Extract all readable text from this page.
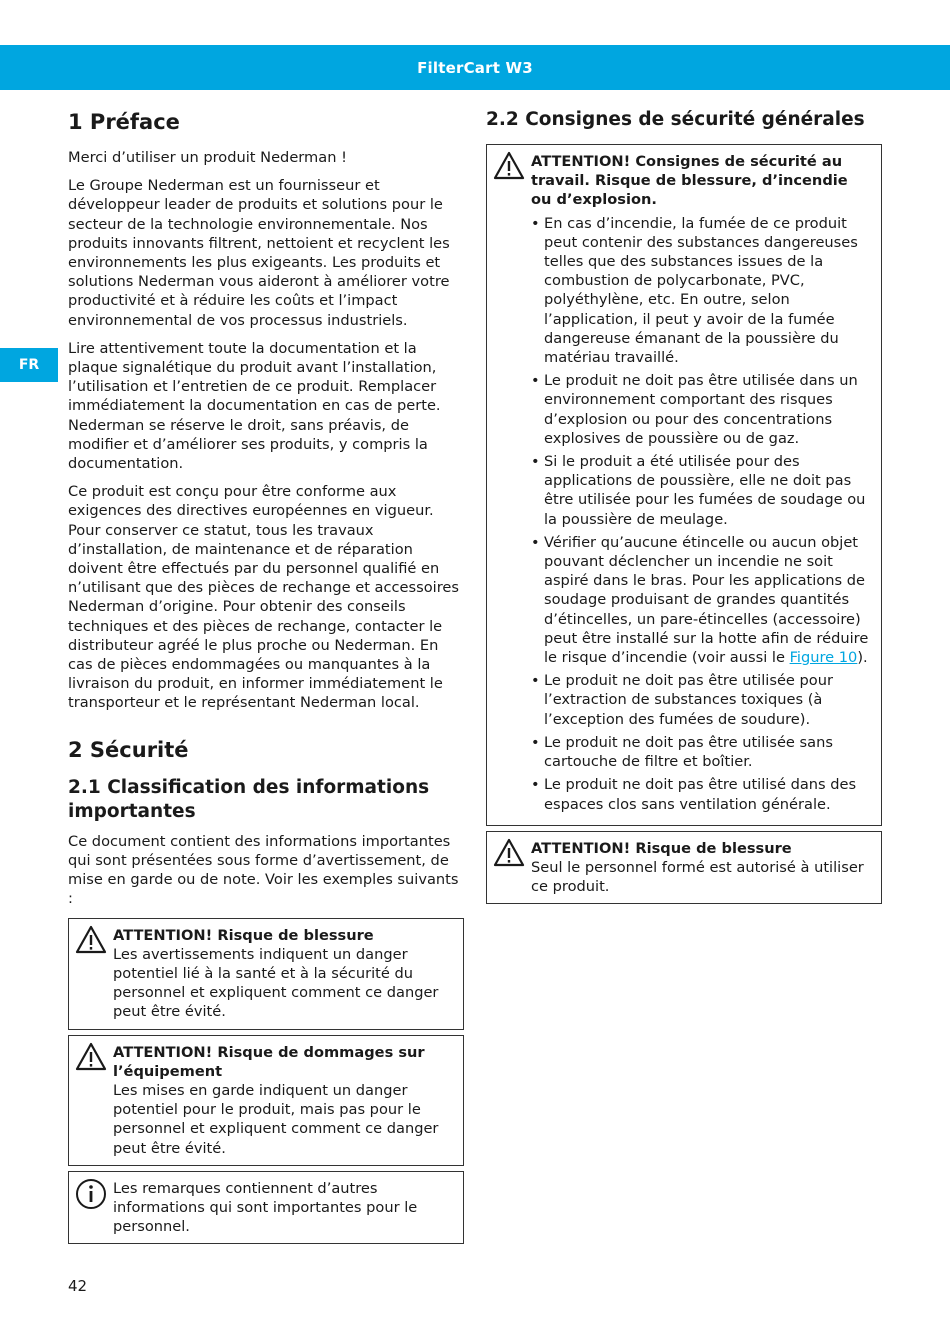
FilterCart W3
FR
1 Préface

Merci d’utiliser un produit Nederman !

Le Groupe Nederman est un fournisseur et développeur leader de produits et solutions pour le secteur de la technologie environnementale. Nos produits innovants filtrent, nettoient et recyclent les environnements les plus exigeants. Les produits et solutions Nederman vous aideront à améliorer votre productivité et à réduire les coûts et l’impact environnemental de vos processus industriels.

Lire attentivement toute la documentation et la plaque signalétique du produit avant l’installation, l’utilisation et l’entretien de ce produit. Remplacer immédiatement la documentation en cas de perte. Nederman se réserve le droit, sans préavis, de modifier et d’améliorer ses produits, y compris la documentation.

Ce produit est conçu pour être conforme aux exigences des directives européennes en vigueur. Pour conserver ce statut, tous les travaux d’installation, de maintenance et de réparation doivent être effectués par du personnel qualifié en n’utilisant que des pièces de rechange et accessoires Nederman d’origine. Pour obtenir des conseils techniques et des pièces de rechange, contacter le distributeur agréé le plus proche ou Nederman. En cas de pièces endommagées ou manquantes à la livraison du produit, en informer immédiatement le transporteur et le représentant Nederman local.

2 Sécurité
2.1 Classification des informations importantes

Ce document contient des informations importantes qui sont présentées sous forme d’avertissement, de mise en garde ou de note. Voir les exemples suivants :

ATTENTION! Risque de blessure
Les avertissements indiquent un danger potentiel lié à la santé et à la sécurité du personnel et expliquent comment ce danger peut être évité.
ATTENTION! Risque de dommages sur l’équipement
Les mises en garde indiquent un danger potentiel pour le produit, mais pas pour le personnel et expliquent comment ce danger peut être évité.
Les remarques contiennent d’autres informations qui sont importantes pour le personnel.
2.2 Consignes de sécurité générales
ATTENTION! Consignes de sécurité au travail. Risque de blessure, d’incendie ou d’explosion.
• En cas d’incendie, la fumée de ce produit peut contenir des substances dangereuses telles que des substances issues de la combustion de polycarbonate, PVC, polyéthylène, etc. En outre, selon l’application, il peut y avoir de la fumée dangereuse émanant de la poussière du matériau travaillé.
• Le produit ne doit pas être utilisée dans un environnement comportant des risques d’explosion ou pour des concentrations explosives de poussière ou de gaz.
• Si le produit a été utilisée pour des applications de poussière, elle ne doit pas être utilisée pour les fumées de soudage ou la poussière de meulage.
• Vérifier qu’aucune étincelle ou aucun objet pouvant déclencher un incendie ne soit aspiré dans le bras. Pour les applications de soudage produisant de grandes quantités d’étincelles, un pare-étincelles (accessoire) peut être installé sur la hotte afin de réduire le risque d’incendie (voir aussi le Figure 10).
• Le produit ne doit pas être utilisée pour l’extraction de substances toxiques (à l’exception des fumées de soudure).
• Le produit ne doit pas être utilisée sans cartouche de filtre et boîtier.
• Le produit ne doit pas être utilisé dans des espaces clos sans ventilation générale.
ATTENTION! Risque de blessure
Seul le personnel formé est autorisé à utiliser ce produit.
42
